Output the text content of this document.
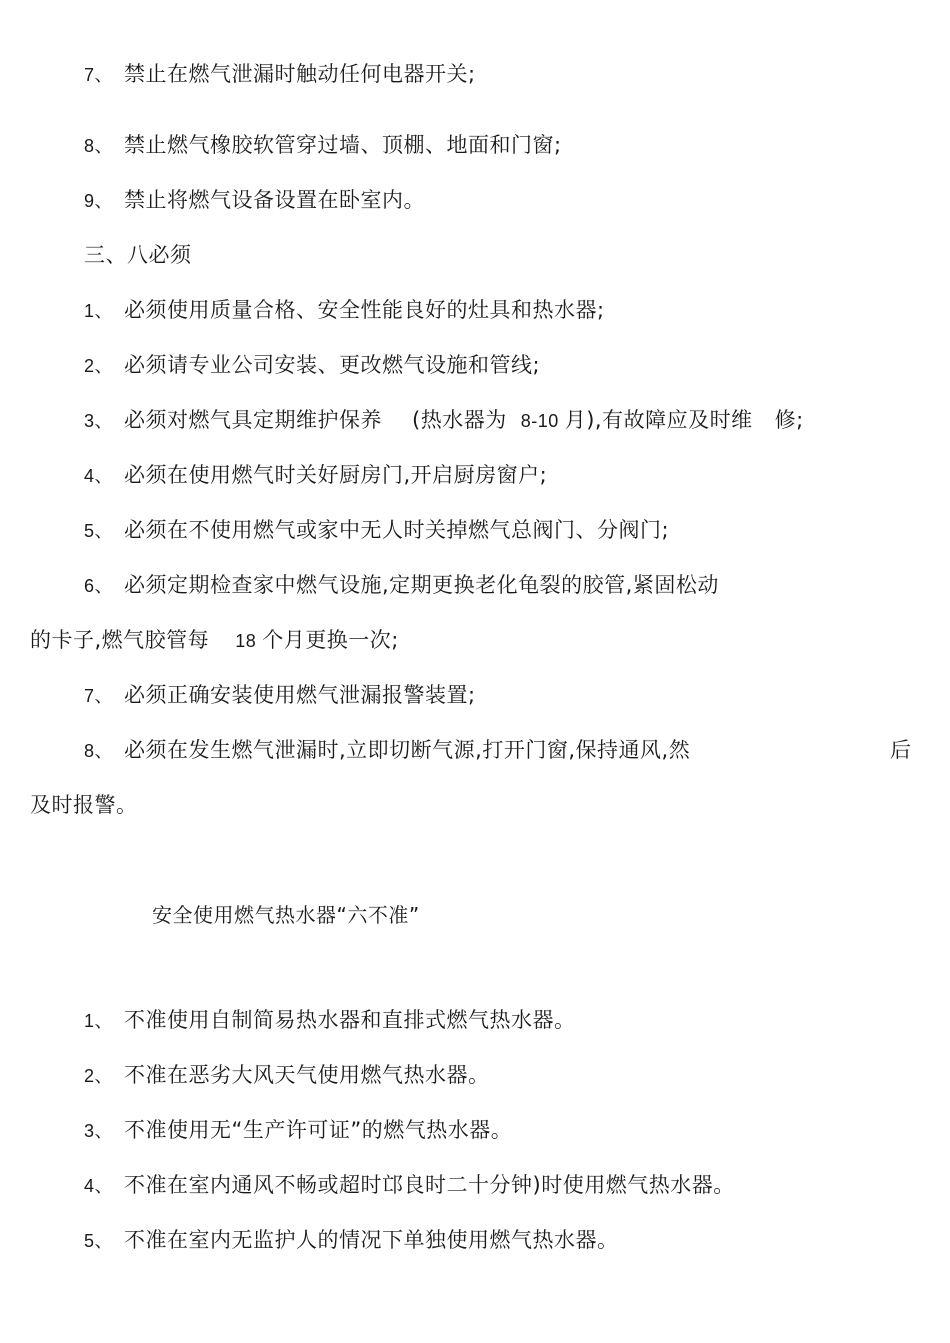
7、 禁止在燃气泄漏时触动任何电器开关;
8、 禁止燃气橡胶软管穿过墙、顶棚、地面和门窗;
9、 禁止将燃气设备设置在卧室内。
三、八必须
1、 必须使用质量合格、安全性能良好的灶具和热水器;
2、 必须请专业公司安装、更改燃气设施和管线;
3、 必须对燃气具定期维护保养 (热水器为 8-10 月),有故障应及时维 修;
4、 必须在使用燃气时关好厨房门,开启厨房窗户;
5、 必须在不使用燃气或家中无人时关掉燃气总阀门、分阀门;
6、 必须定期检查家中燃气设施,定期更换老化龟裂的胶管,紧固松动
的卡子,燃气胶管每 18 个月更换一次;
7、 必须正确安装使用燃气泄漏报警装置;
8、 必须在发生燃气泄漏时,立即切断气源,打开门窗,保持通风,然	后
及时报警。
安全使用燃气热水器“六不准”
1、 不准使用自制简易热水器和直排式燃气热水器。
2、 不准在恶劣大风天气使用燃气热水器。
3、 不准使用无“生产许可证”的燃气热水器。
4、 不准在室内通风不畅或超时邙良时二十分钟)时使用燃气热水器。
5、 不准在室内无监护人的情况下单独使用燃气热水器。
